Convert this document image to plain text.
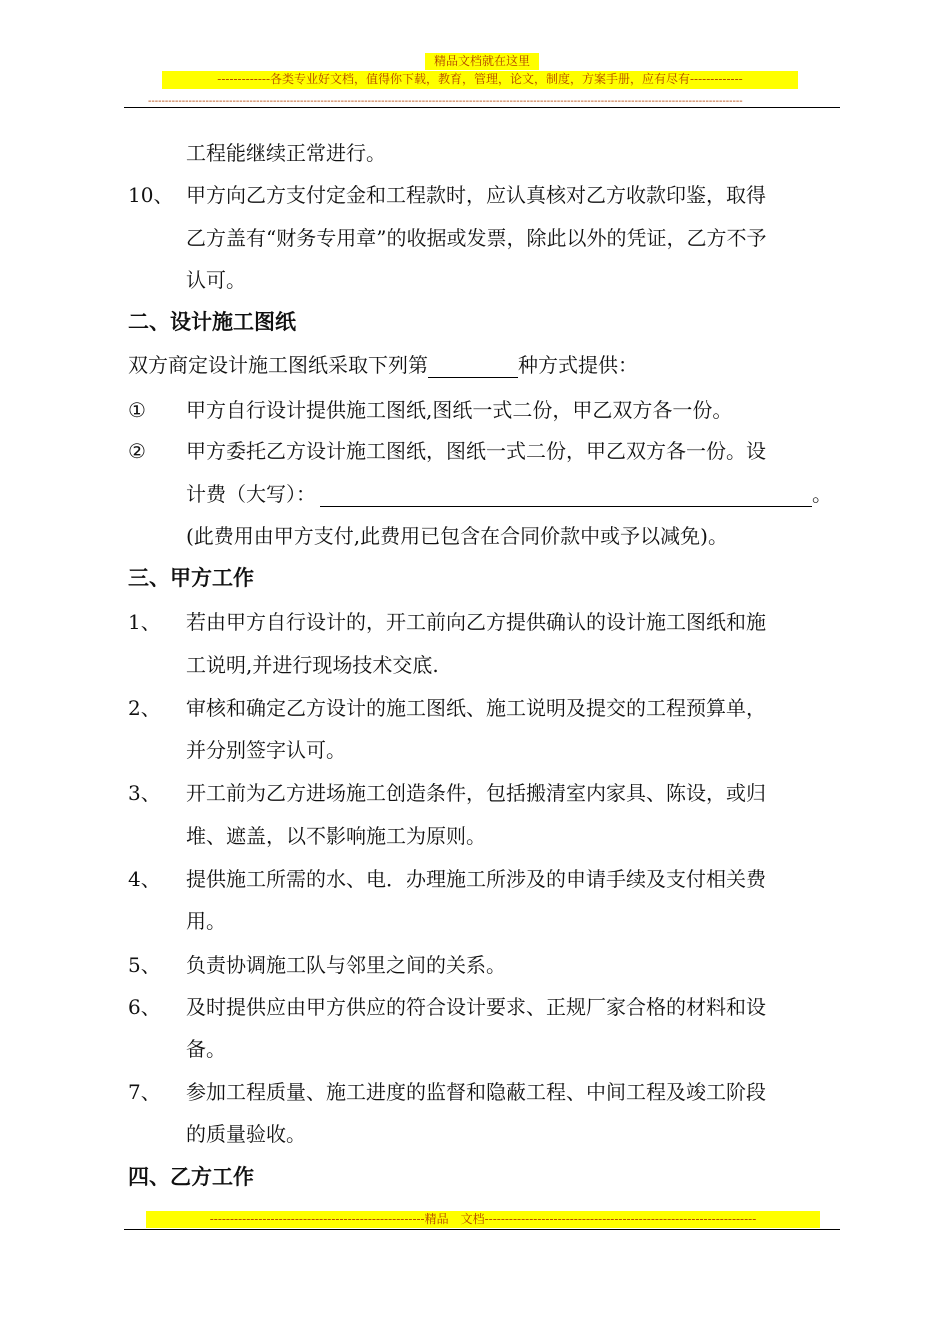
精品文档就在这里
-------------各类专业好文档，值得你下载，教育，管理，论文，制度，方案手册，应有尽有-------------
--------------------------------------------------------------------------------------------------------------------------------------------------------------------------------
工程能继续正常进行。
10、 甲方向乙方支付定金和工程款时，应认真核对乙方收款印鉴，取得
乙方盖有“财务专用章”的收据或发票，除此以外的凭证，乙方不予
认可。
二、设计施工图纸
双方商定设计施工图纸采取下列第	种方式提供：
① 甲方自行设计提供施工图纸,图纸一式二份，甲乙双方各一份。
② 甲方委托乙方设计施工图纸，图纸一式二份，甲乙双方各一份。设
计费（大写）：	。
(此费用由甲方支付,此费用已包含在合同价款中或予以减免)。
三、甲方工作
1、 若由甲方自行设计的，开工前向乙方提供确认的设计施工图纸和施
工说明,并进行现场技术交底.
2、 审核和确定乙方设计的施工图纸、施工说明及提交的工程预算单，
并分别签字认可。
3、 开工前为乙方进场施工创造条件，包括搬清室内家具、陈设，或归
堆、遮盖，以不影响施工为原则。
4、 提供施工所需的水、电．办理施工所涉及的申请手续及支付相关费
用。
5、 负责协调施工队与邻里之间的关系。
6、 及时提供应由甲方供应的符合设计要求、正规厂家合格的材料和设
备。
7、 参加工程质量、施工进度的监督和隐蔽工程、中间工程及竣工阶段
的质量验收。
四、乙方工作
-----------------------------------------------------精品　文档-------------------------------------------------------------------
